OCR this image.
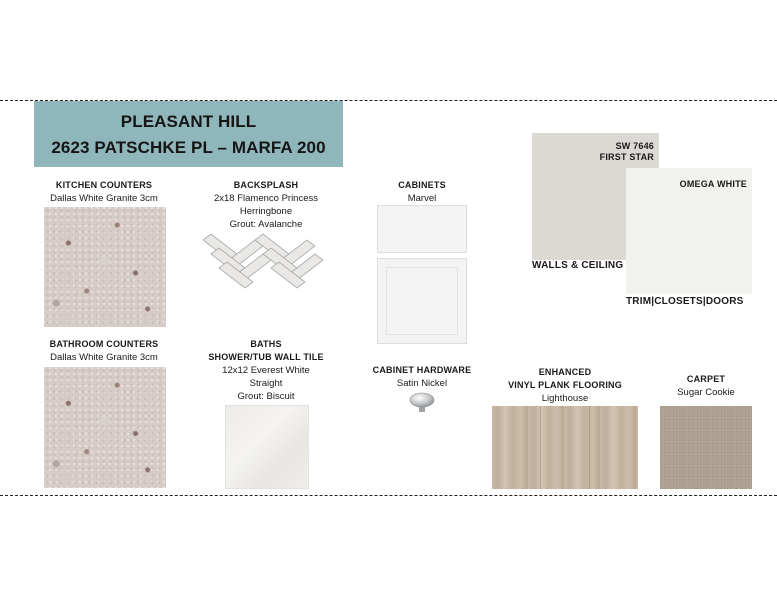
PLEASANT HILL
2623 PATSCHKE PL – MARFA 200
KITCHEN COUNTERS
Dallas White Granite 3cm
BATHROOM COUNTERS
Dallas White Granite 3cm
BACKSPLASH
2x18 Flamenco Princess
Herringbone
Grout: Avalanche
CABINETS
Marvel
BATHS
SHOWER/TUB WALL TILE
12x12 Everest White
Straight
Grout: Biscuit
CABINET HARDWARE
Satin Nickel
SW 7646
FIRST STAR
OMEGA WHITE
WALLS & CEILING
TRIM|CLOSETS|DOORS
ENHANCED
VINYL PLANK FLOORING
Lighthouse
CARPET
Sugar Cookie
